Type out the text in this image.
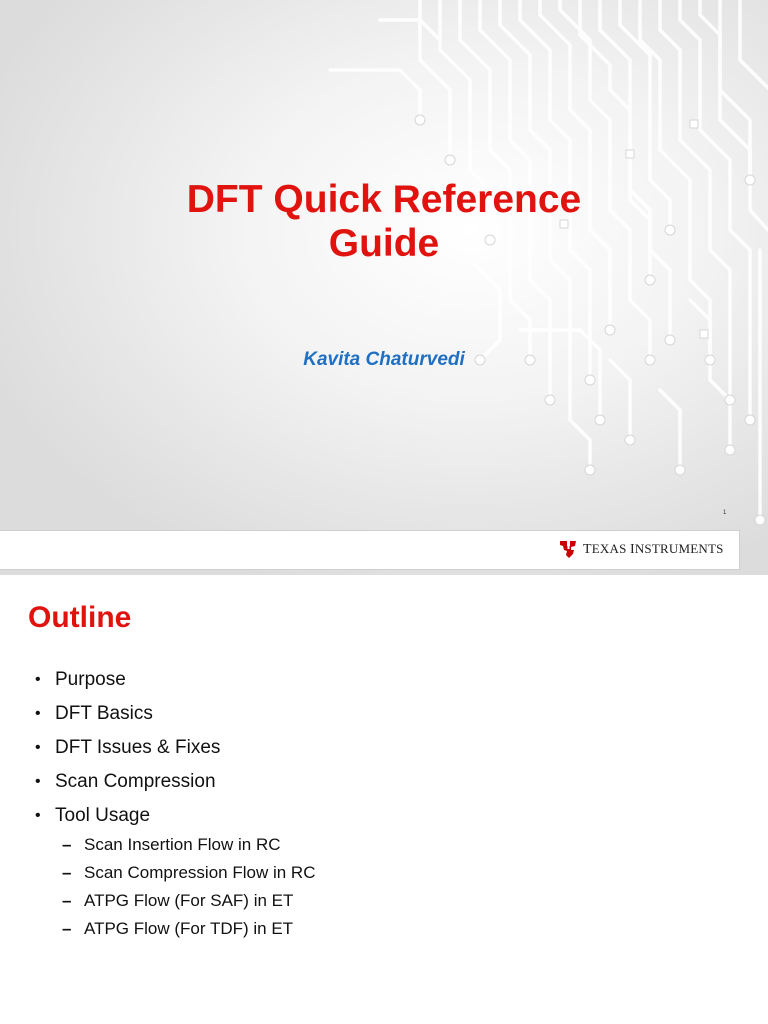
DFT Quick Reference
Guide

Kavita Chaturvedi

1
TEXAS INSTRUMENTS
Outline
• Purpose
• DFT Basics
• DFT Issues & Fixes
• Scan Compression
• Tool Usage
– Scan Insertion Flow in RC
– Scan Compression Flow in RC
– ATPG Flow (For SAF) in ET
– ATPG Flow (For TDF) in ET
